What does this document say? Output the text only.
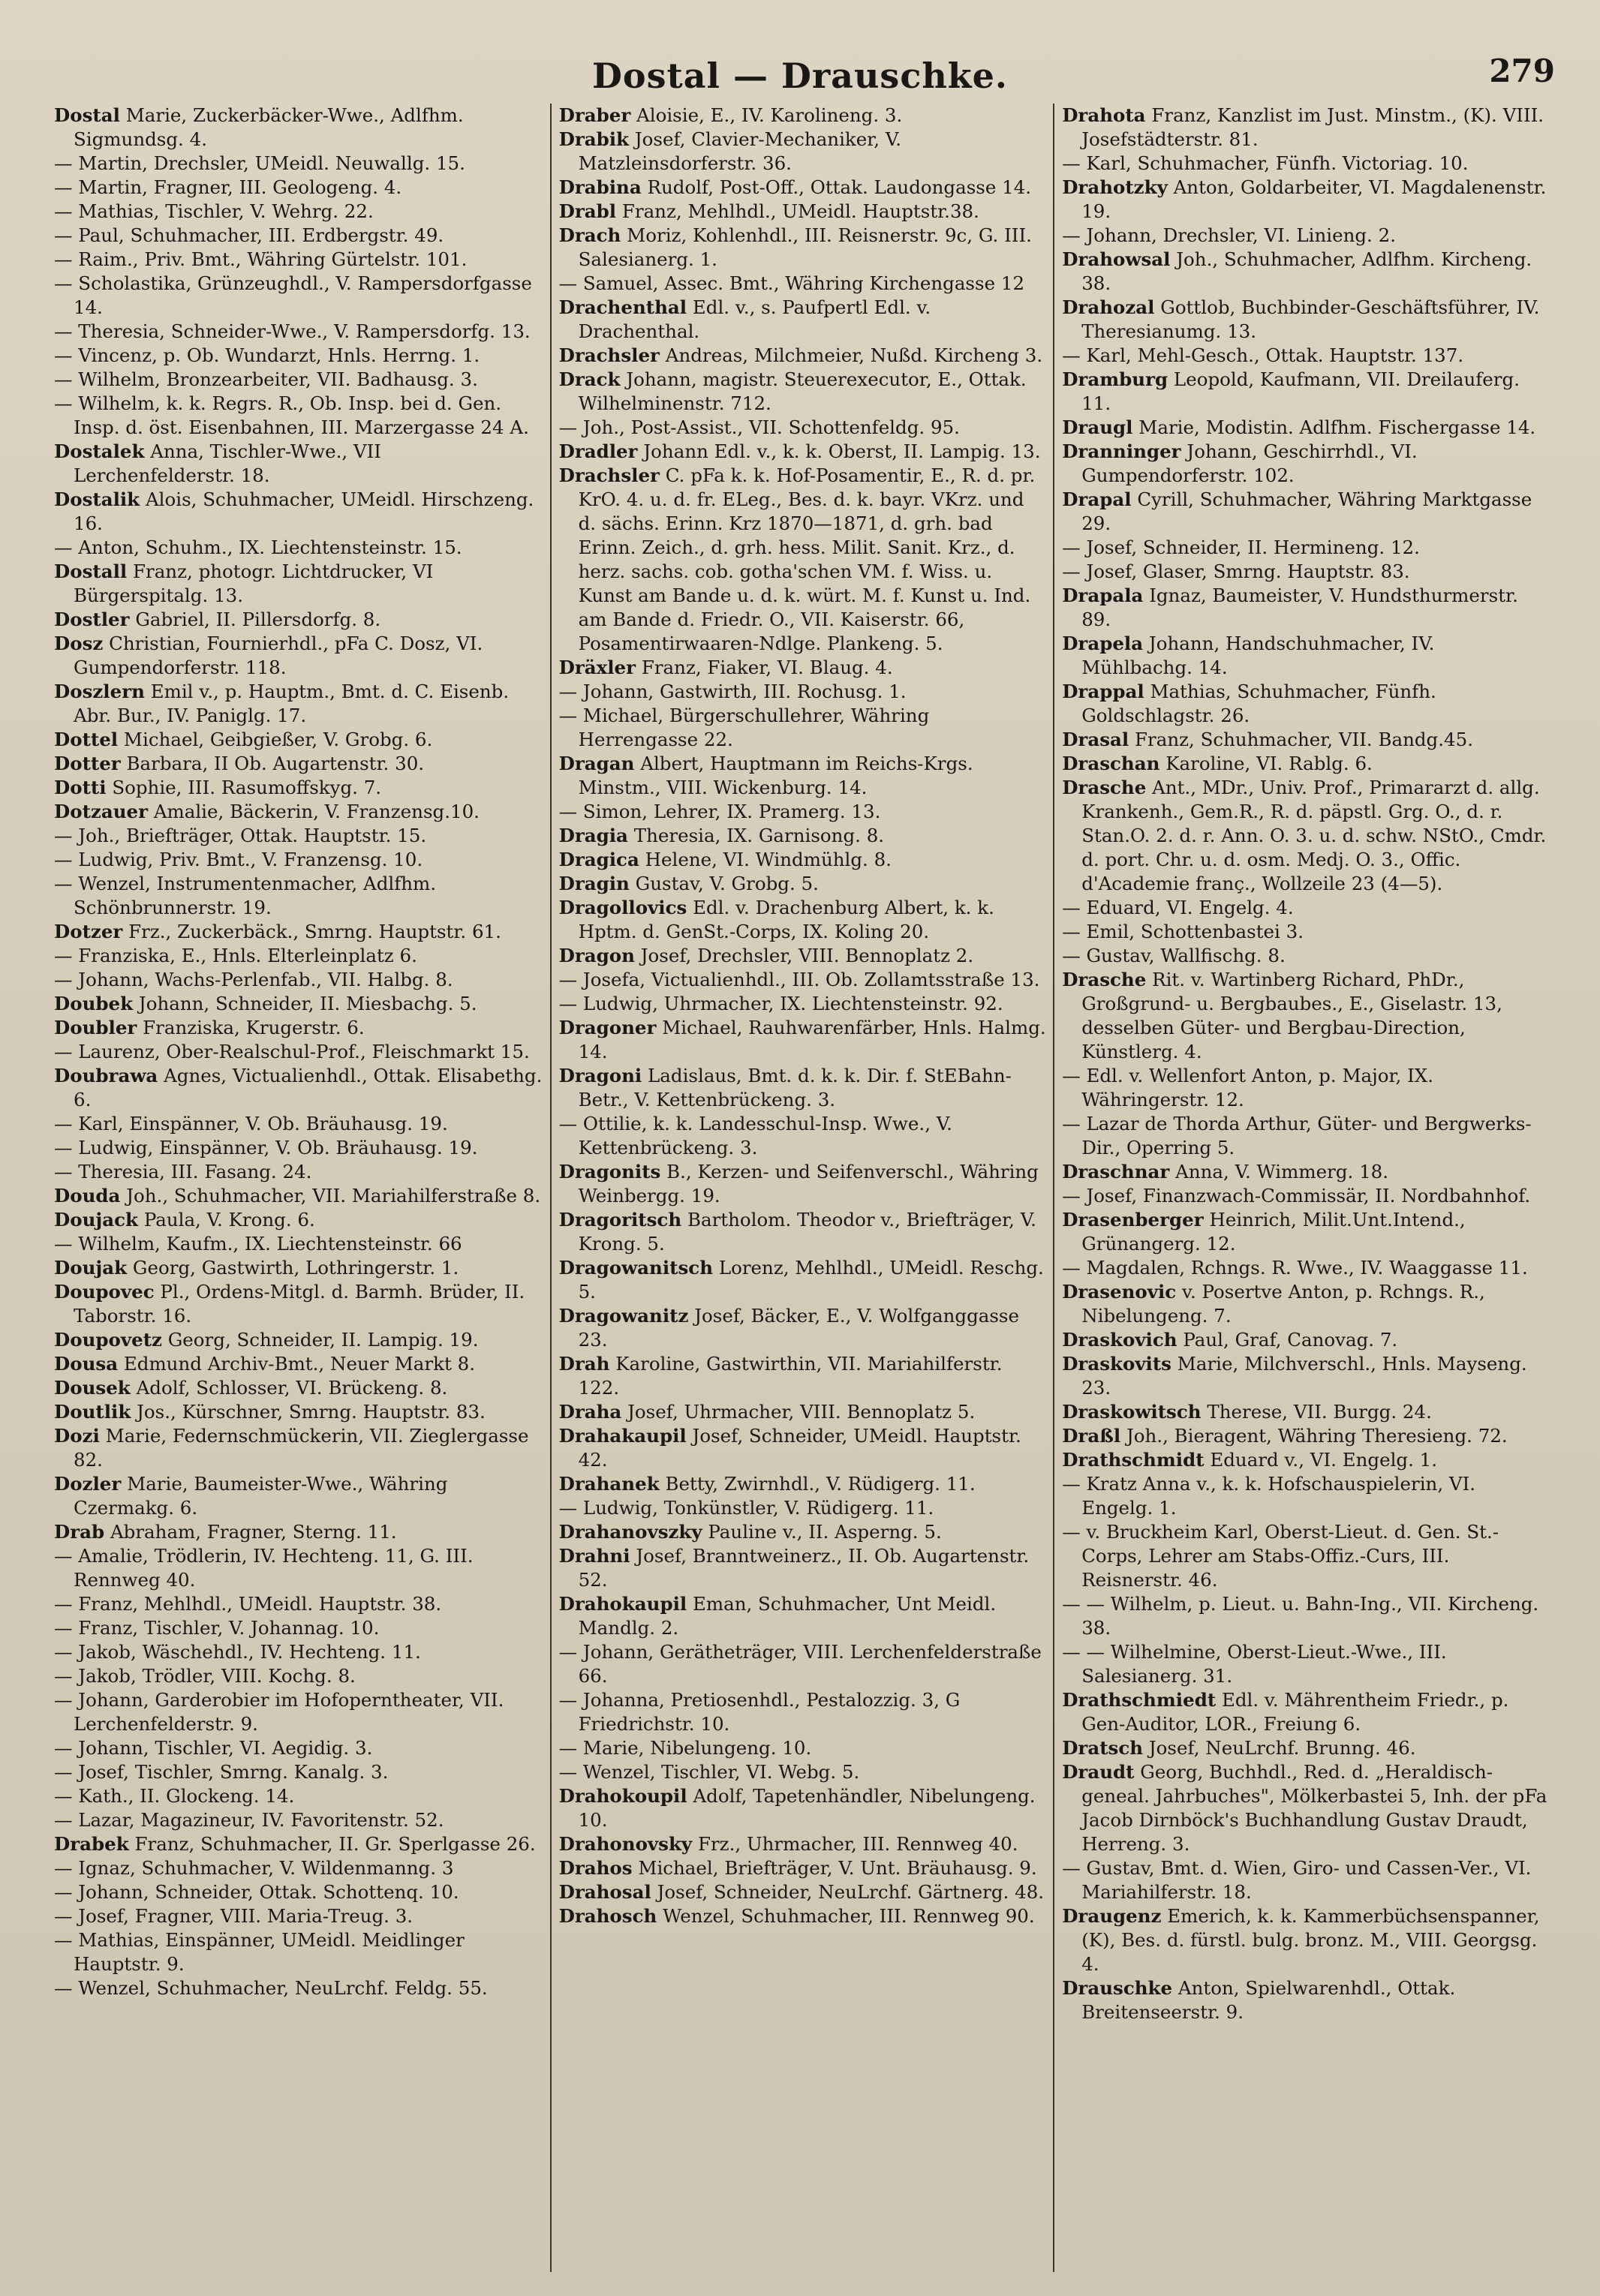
Dostal — Drauschke.	279

Dostal Marie, Zuckerbäcker-Wwe., Adlfhm. Sigmundsg. 4.

— Martin, Drechsler, UMeidl. Neuwallg. 15.

— Martin, Fragner, III. Geologeng. 4.

— Mathias, Tischler, V. Wehrg. 22.

— Paul, Schuhmacher, III. Erdbergstr. 49.

— Raim., Priv. Bmt., Währing Gürtelstr. 101.

— Scholastika, Grünzeughdl., V. Rampersdorfgasse 14.

— Theresia, Schneider-Wwe., V. Rampersdorfg. 13.

— Vincenz, p. Ob. Wundarzt, Hnls. Herrng. 1.

— Wilhelm, Bronzearbeiter, VII. Badhausg. 3.

— Wilhelm, k. k. Regrs. R., Ob. Insp. bei d. Gen. Insp. d. öst. Eisenbahnen, III. Marzergasse 24 A.

Dostalek Anna, Tischler-Wwe., VII Lerchenfelderstr. 18.

Dostalik Alois, Schuhmacher, UMeidl. Hirschzeng. 16.

— Anton, Schuhm., IX. Liechtensteinstr. 15.

Dostall Franz, photogr. Lichtdrucker, VI Bürgerspitalg. 13.

Dostler Gabriel, II. Pillersdorfg. 8.

Dosz Christian, Fournierhdl., pFa C. Dosz, VI. Gumpendorferstr. 118.

Doszlern Emil v., p. Hauptm., Bmt. d. C. Eisenb. Abr. Bur., IV. Paniglg. 17.

Dottel Michael, Geibgießer, V. Grobg. 6.

Dotter Barbara, II Ob. Augartenstr. 30.

Dotti Sophie, III. Rasumoffskyg. 7.

Dotzauer Amalie, Bäckerin, V. Franzensg.10.

— Joh., Briefträger, Ottak. Hauptstr. 15.

— Ludwig, Priv. Bmt., V. Franzensg. 10.

— Wenzel, Instrumentenmacher, Adlfhm. Schönbrunnerstr. 19.

Dotzer Frz., Zuckerbäck., Smrng. Hauptstr. 61.

— Franziska, E., Hnls. Elterleinplatz 6.

— Johann, Wachs-Perlenfab., VII. Halbg. 8.

Doubek Johann, Schneider, II. Miesbachg. 5.

Doubler Franziska, Krugerstr. 6.

— Laurenz, Ober-Realschul-Prof., Fleischmarkt 15.

Doubrawa Agnes, Victualienhdl., Ottak. Elisabethg. 6.

— Karl, Einspänner, V. Ob. Bräuhausg. 19.

— Ludwig, Einspänner, V. Ob. Bräuhausg. 19.

— Theresia, III. Fasang. 24.

Douda Joh., Schuhmacher, VII. Mariahilferstraße 8.

Doujack Paula, V. Krong. 6.

— Wilhelm, Kaufm., IX. Liechtensteinstr. 66

Doujak Georg, Gastwirth, Lothringerstr. 1.

Doupovec Pl., Ordens-Mitgl. d. Barmh. Brüder, II. Taborstr. 16.

Doupovetz Georg, Schneider, II. Lampig. 19.

Dousa Edmund Archiv-Bmt., Neuer Markt 8.

Dousek Adolf, Schlosser, VI. Brückeng. 8.

Doutlik Jos., Kürschner, Smrng. Hauptstr. 83.

Dozi Marie, Federnschmückerin, VII. Zieglergasse 82.

Dozler Marie, Baumeister-Wwe., Währing Czermakg. 6.

Drab Abraham, Fragner, Sterng. 11.

— Amalie, Trödlerin, IV. Hechteng. 11, G. III. Rennweg 40.

— Franz, Mehlhdl., UMeidl. Hauptstr. 38.

— Franz, Tischler, V. Johannag. 10.

— Jakob, Wäschehdl., IV. Hechteng. 11.

— Jakob, Trödler, VIII. Kochg. 8.

— Johann, Garderobier im Hofoperntheater, VII. Lerchenfelderstr. 9.

— Johann, Tischler, VI. Aegidig. 3.

— Josef, Tischler, Smrng. Kanalg. 3.

— Kath., II. Glockeng. 14.

— Lazar, Magazineur, IV. Favoritenstr. 52.

Drabek Franz, Schuhmacher, II. Gr. Sperlgasse 26.

— Ignaz, Schuhmacher, V. Wildenmanng. 3

— Johann, Schneider, Ottak. Schottenq. 10.

— Josef, Fragner, VIII. Maria-Treug. 3.

— Mathias, Einspänner, UMeidl. Meidlinger Hauptstr. 9.

— Wenzel, Schuhmacher, NeuLrchf. Feldg. 55.

Draber Aloisie, E., IV. Karolineng. 3.

Drabik Josef, Clavier-Mechaniker, V. Matzleinsdorferstr. 36.

Drabina Rudolf, Post-Off., Ottak. Laudongasse 14.

Drabl Franz, Mehlhdl., UMeidl. Hauptstr.38.

Drach Moriz, Kohlenhdl., III. Reisnerstr. 9c, G. III. Salesianerg. 1.

— Samuel, Assec. Bmt., Währing Kirchengasse 12

Drachenthal Edl. v., s. Paufpertl Edl. v. Drachenthal.

Drachsler Andreas, Milchmeier, Nußd. Kircheng 3.

Drack Johann, magistr. Steuerexecutor, E., Ottak. Wilhelminenstr. 712.

— Joh., Post-Assist., VII. Schottenfeldg. 95.

Dradler Johann Edl. v., k. k. Oberst, II. Lampig. 13.

Drachsler C. pFa k. k. Hof-Posamentir, E., R. d. pr. KrO. 4. u. d. fr. ELeg., Bes. d. k. bayr. VKrz. und d. sächs. Erinn. Krz 1870—1871, d. grh. bad Erinn. Zeich., d. grh. hess. Milit. Sanit. Krz., d. herz. sachs. cob. gotha'schen VM. f. Wiss. u. Kunst am Bande u. d. k. würt. M. f. Kunst u. Ind. am Bande d. Friedr. O., VII. Kaiserstr. 66, Posamentirwaaren-Ndlge. Plankeng. 5.

Dräxler Franz, Fiaker, VI. Blaug. 4.

— Johann, Gastwirth, III. Rochusg. 1.

— Michael, Bürgerschullehrer, Währing Herrengasse 22.

Dragan Albert, Hauptmann im Reichs-Krgs. Minstm., VIII. Wickenburg. 14.

— Simon, Lehrer, IX. Pramerg. 13.

Dragia Theresia, IX. Garnisong. 8.

Dragica Helene, VI. Windmühlg. 8.

Dragin Gustav, V. Grobg. 5.

Dragollovics Edl. v. Drachenburg Albert, k. k. Hptm. d. GenSt.-Corps, IX. Koling 20.

Dragon Josef, Drechsler, VIII. Bennoplatz 2.

— Josefa, Victualienhdl., III. Ob. Zollamtsstraße 13.

— Ludwig, Uhrmacher, IX. Liechtensteinstr. 92.

Dragoner Michael, Rauhwarenfärber, Hnls. Halmg. 14.

Dragoni Ladislaus, Bmt. d. k. k. Dir. f. StEBahn-Betr., V. Kettenbrückeng. 3.

— Ottilie, k. k. Landesschul-Insp. Wwe., V. Kettenbrückeng. 3.

Dragonits B., Kerzen- und Seifenverschl., Währing Weinbergg. 19.

Dragoritsch Bartholom. Theodor v., Briefträger, V. Krong. 5.

Dragowanitsch Lorenz, Mehlhdl., UMeidl. Reschg. 5.

Dragowanitz Josef, Bäcker, E., V. Wolfganggasse 23.

Drah Karoline, Gastwirthin, VII. Mariahilferstr. 122.

Draha Josef, Uhrmacher, VIII. Bennoplatz 5.

Drahakaupil Josef, Schneider, UMeidl. Hauptstr. 42.

Drahanek Betty, Zwirnhdl., V. Rüdigerg. 11.

— Ludwig, Tonkünstler, V. Rüdigerg. 11.

Drahanovszky Pauline v., II. Asperng. 5.

Drahni Josef, Branntweinerz., II. Ob. Augartenstr. 52.

Drahokaupil Eman, Schuhmacher, Unt Meidl. Mandlg. 2.

— Johann, Gerätheträger, VIII. Lerchenfelderstraße 66.

— Johanna, Pretiosenhdl., Pestalozzig. 3, G Friedrichstr. 10.

— Marie, Nibelungeng. 10.

— Wenzel, Tischler, VI. Webg. 5.

Drahokoupil Adolf, Tapetenhändler, Nibelungeng. 10.

Drahonovsky Frz., Uhrmacher, III. Rennweg 40.

Drahos Michael, Briefträger, V. Unt. Bräuhausg. 9.

Drahosal Josef, Schneider, NeuLrchf. Gärtnerg. 48.

Drahosch Wenzel, Schuhmacher, III. Rennweg 90.

Drahota Franz, Kanzlist im Just. Minstm., (K). VIII. Josefstädterstr. 81.

— Karl, Schuhmacher, Fünfh. Victoriag. 10.

Drahotzky Anton, Goldarbeiter, VI. Magdalenenstr. 19.

— Johann, Drechsler, VI. Linieng. 2.

Drahowsal Joh., Schuhmacher, Adlfhm. Kircheng. 38.

Drahozal Gottlob, Buchbinder-Geschäftsführer, IV. Theresianumg. 13.

— Karl, Mehl-Gesch., Ottak. Hauptstr. 137.

Dramburg Leopold, Kaufmann, VII. Dreilauferg. 11.

Draugl Marie, Modistin. Adlfhm. Fischergasse 14.

Dranninger Johann, Geschirrhdl., VI. Gumpendorferstr. 102.

Drapal Cyrill, Schuhmacher, Währing Marktgasse 29.

— Josef, Schneider, II. Hermineng. 12.

— Josef, Glaser, Smrng. Hauptstr. 83.

Drapala Ignaz, Baumeister, V. Hundsthurmerstr. 89.

Drapela Johann, Handschuhmacher, IV. Mühlbachg. 14.

Drappal Mathias, Schuhmacher, Fünfh. Goldschlagstr. 26.

Drasal Franz, Schuhmacher, VII. Bandg.45.

Draschan Karoline, VI. Rablg. 6.

Drasche Ant., MDr., Univ. Prof., Primararzt d. allg. Krankenh., Gem.R., R. d. päpstl. Grg. O., d. r. Stan.O. 2. d. r. Ann. O. 3. u. d. schw. NStO., Cmdr. d. port. Chr. u. d. osm. Medj. O. 3., Offic. d'Academie franç., Wollzeile 23 (4—5).

— Eduard, VI. Engelg. 4.

— Emil, Schottenbastei 3.

— Gustav, Wallfischg. 8.

Drasche Rit. v. Wartinberg Richard, PhDr., Großgrund- u. Bergbaubes., E., Giselastr. 13, desselben Güter- und Bergbau-Direction, Künstlerg. 4.

— Edl. v. Wellenfort Anton, p. Major, IX. Währingerstr. 12.

— Lazar de Thorda Arthur, Güter- und Bergwerks-Dir., Operring 5.

Draschnar Anna, V. Wimmerg. 18.

— Josef, Finanzwach-Commissär, II. Nordbahnhof.

Drasenberger Heinrich, Milit.Unt.Intend., Grünangerg. 12.

— Magdalen, Rchngs. R. Wwe., IV. Waaggasse 11.

Drasenovic v. Posertve Anton, p. Rchngs. R., Nibelungeng. 7.

Draskovich Paul, Graf, Canovag. 7.

Draskovits Marie, Milchverschl., Hnls. Mayseng. 23.

Draskowitsch Therese, VII. Burgg. 24.

Draßl Joh., Bieragent, Währing Theresieng. 72.

Drathschmidt Eduard v., VI. Engelg. 1.

— Kratz Anna v., k. k. Hofschauspielerin, VI. Engelg. 1.

— v. Bruckheim Karl, Oberst-Lieut. d. Gen. St.-Corps, Lehrer am Stabs-Offiz.-Curs, III. Reisnerstr. 46.

— — Wilhelm, p. Lieut. u. Bahn-Ing., VII. Kircheng. 38.

— — Wilhelmine, Oberst-Lieut.-Wwe., III. Salesianerg. 31.

Drathschmiedt Edl. v. Mährentheim Friedr., p. Gen-Auditor, LOR., Freiung 6.

Dratsch Josef, NeuLrchf. Brunng. 46.

Draudt Georg, Buchhdl., Red. d. „Heraldisch-geneal. Jahrbuches", Mölkerbastei 5, Inh. der pFa Jacob Dirnböck's Buchhandlung Gustav Draudt, Herreng. 3.

— Gustav, Bmt. d. Wien, Giro- und Cassen-Ver., VI. Mariahilferstr. 18.

Draugenz Emerich, k. k. Kammerbüchsenspanner, (K), Bes. d. fürstl. bulg. bronz. M., VIII. Georgsg. 4.

Drauschke Anton, Spielwarenhdl., Ottak. Breitenseerstr. 9.
